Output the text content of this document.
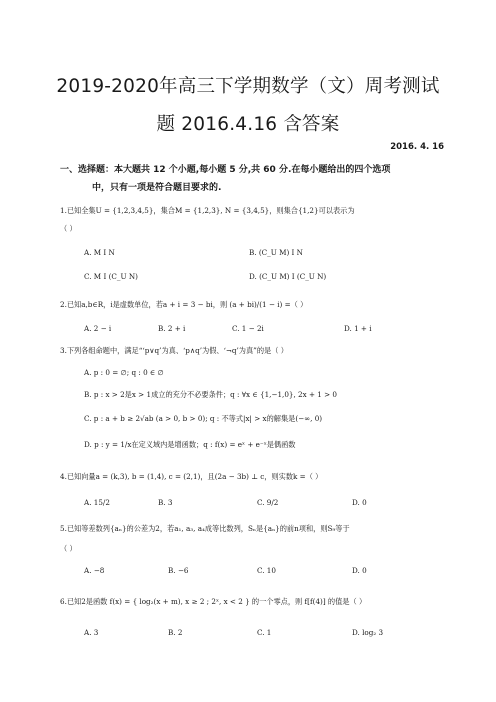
2019-2020年高三下学期数学（文）周考测试
题 2016.4.16 含答案
2016. 4. 16
一、选择题：本大题共 12 个小题,每小题 5 分,共 60 分.在每小题给出的四个选项
中，只有一项是符合题目要求的.
1.已知全集U = {1,2,3,4,5}，集合M = {1,2,3}, N = {3,4,5}，则集合{1,2}可以表示为
（ ）
A. M I N	B. (C_U M) I N
C. M I (C_U N)	D. (C_U M) I (C_U N)
2.已知a,b∈R，i是虚数单位，若a + i = 3 − bi，则 (a + bi)/(1 − i) =（ ）
A. 2 − i	B. 2 + i	C. 1 − 2i	D. 1 + i
3.下列各组命题中，满足“‘p∨q’为真、‘p∧q’为假、‘¬q’为真”的是（ ）
A. p : 0 = ∅; q : 0 ∈ ∅
B. p : x > 2是x > 1成立的充分不必要条件；q : ∀x ∈ {1,−1,0}, 2x + 1 > 0
C. p : a + b ≥ 2√ab (a > 0, b > 0); q : 不等式|x| > x的解集是(−∞, 0)
D. p : y = 1/x在定义域内是增函数；q : f(x) = eˣ + e⁻ˣ是偶函数
4.已知向量a = (k,3), b = (1,4), c = (2,1)，且(2a − 3b) ⊥ c，则实数k =（ ）
A. 15/2	B. 3	C. 9/2	D. 0
5.已知等差数列{aₙ}的公差为2，若a₁, a₃, a₄成等比数列，Sₙ是{aₙ}的前n项和，则S₉等于
（ ）
A. −8	B. −6	C. 10	D. 0
6.已知2是函数 f(x) = { log₂(x + m), x ≥ 2 ; 2ˣ, x < 2 } 的一个零点，则 f[f(4)] 的值是（ ）
A. 3	B. 2	C. 1	D. log₂ 3
